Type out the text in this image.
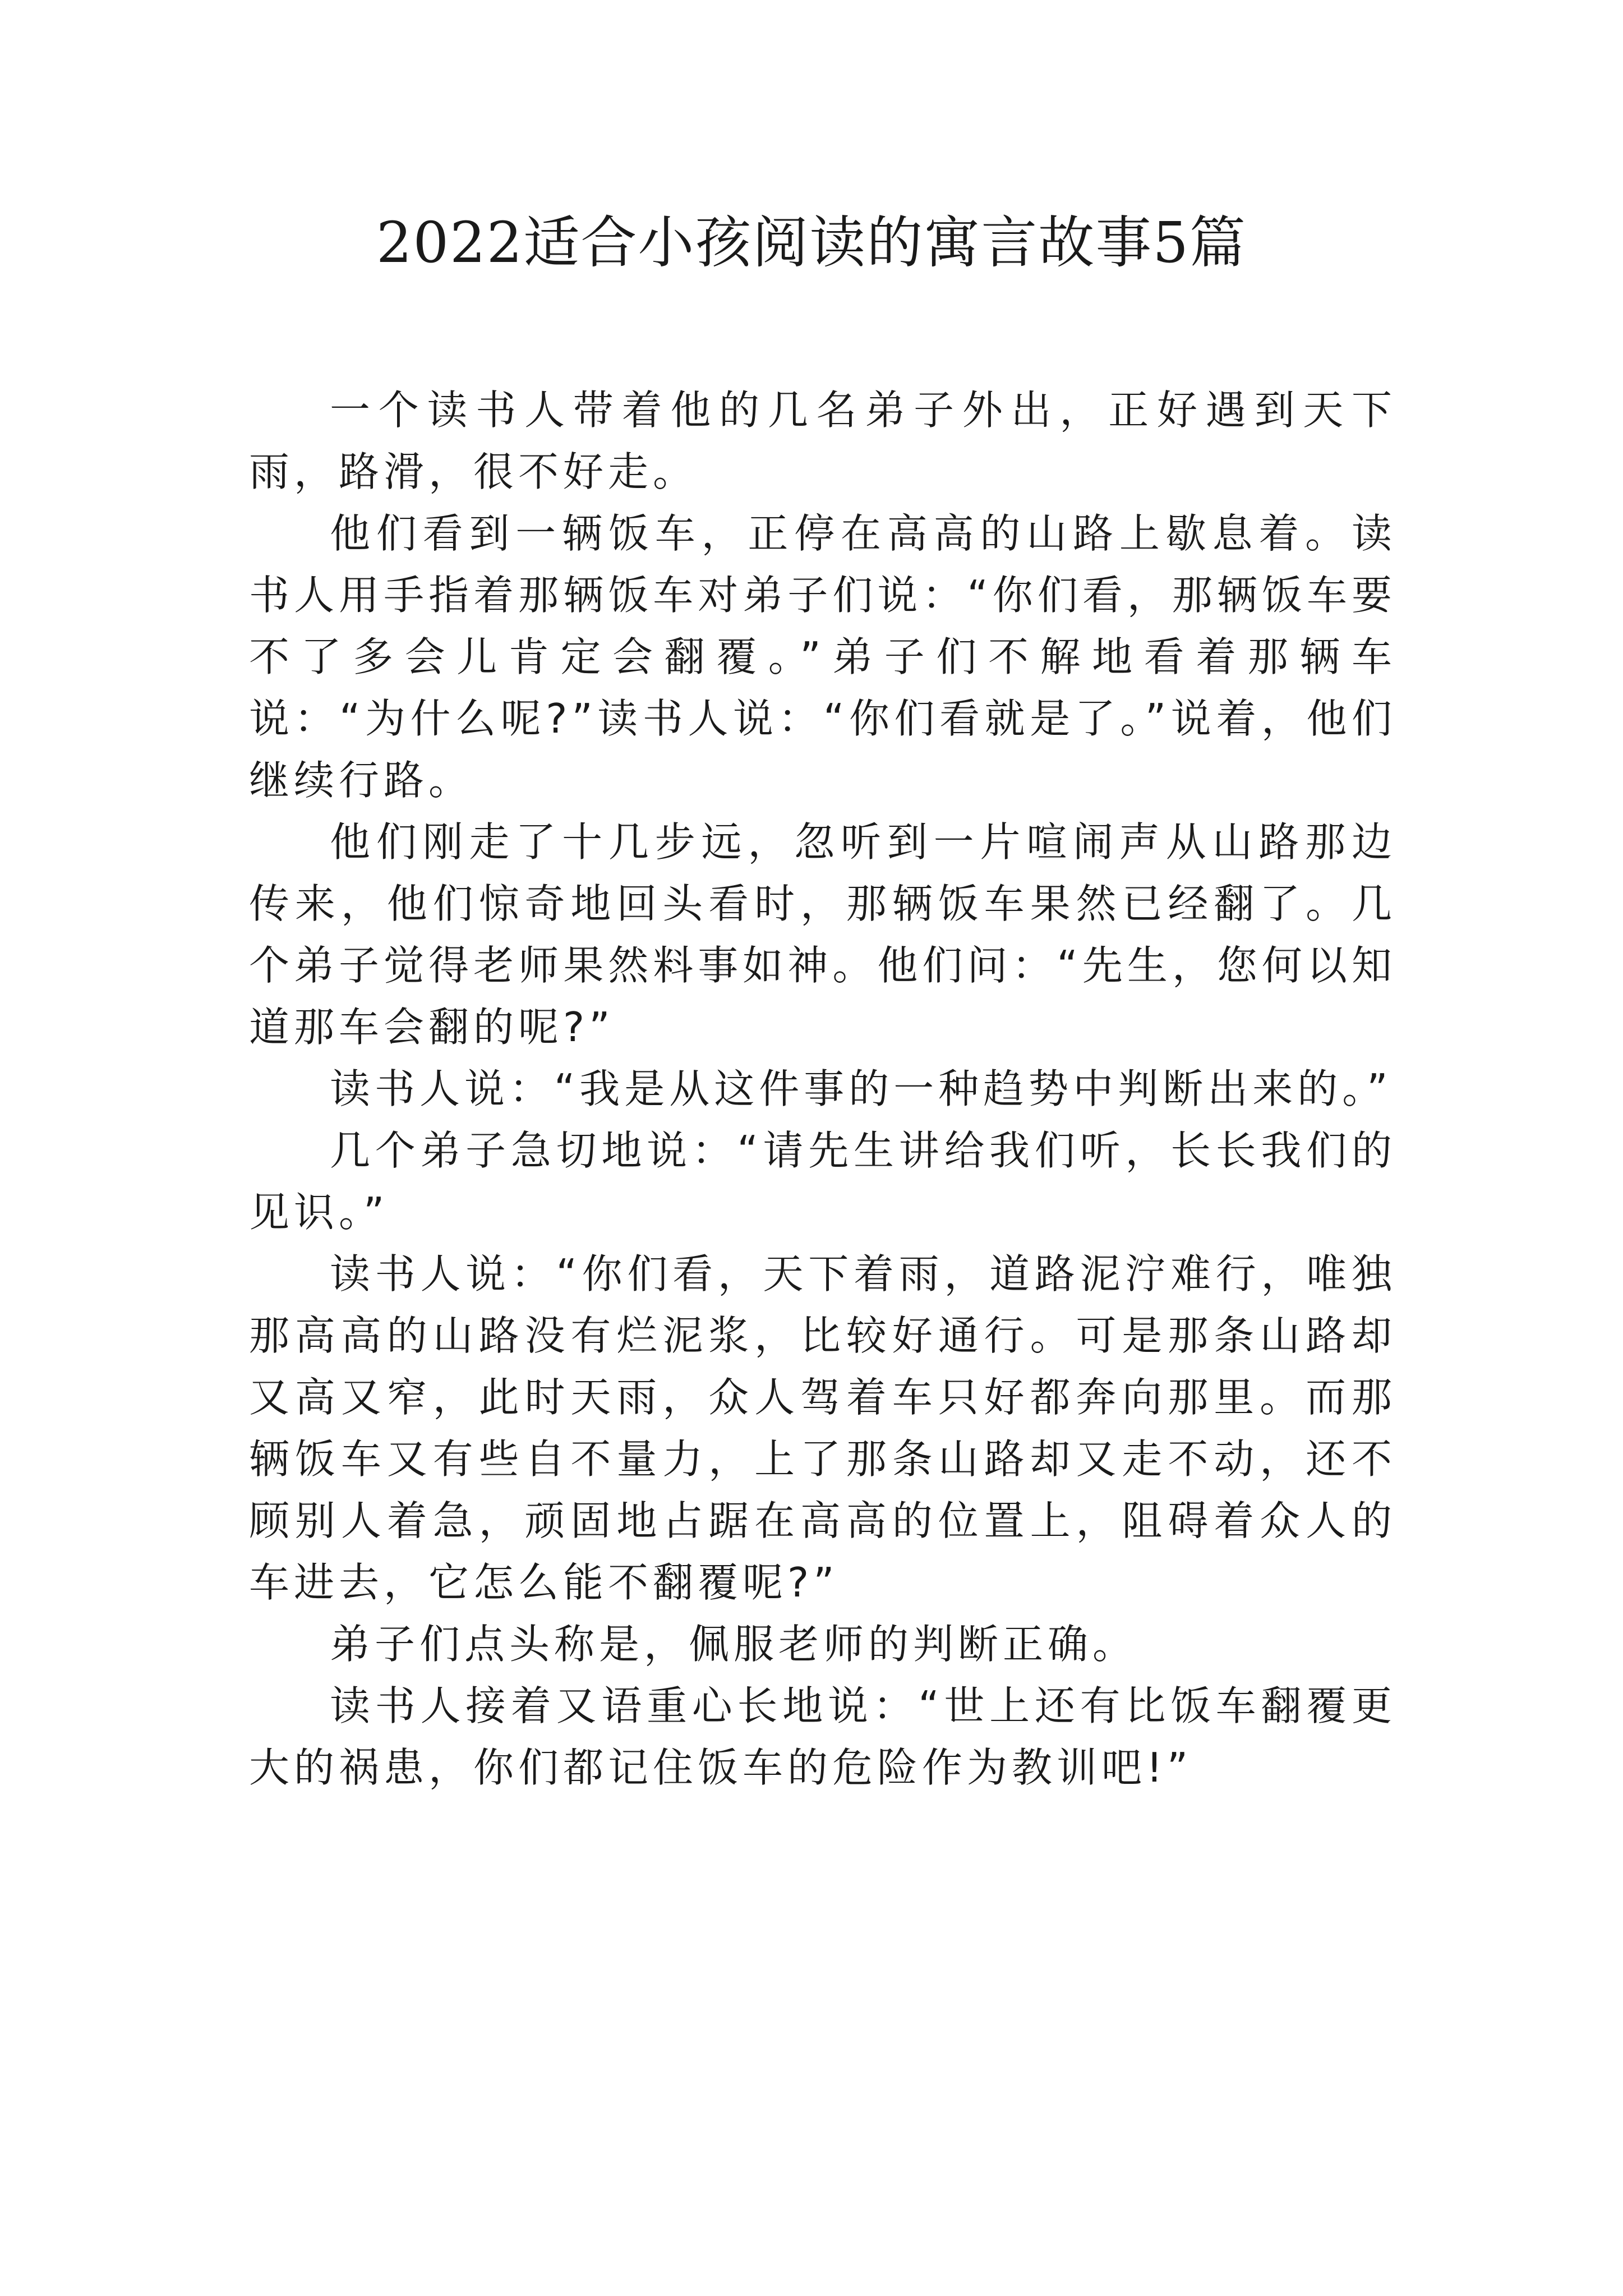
2022适合小孩阅读的寓言故事5篇

一个读书人带着他的几名弟子外出，正好遇到天下雨，路滑，很不好走。

他们看到一辆饭车，正停在高高的山路上歇息着。读书人用手指着那辆饭车对弟子们说：“你们看，那辆饭车要不了多会儿肯定会翻覆。”弟子们不解地看着那辆车说：“为什么呢?”读书人说：“你们看就是了。”说着，他们继续行路。

他们刚走了十几步远，忽听到一片喧闹声从山路那边传来，他们惊奇地回头看时，那辆饭车果然已经翻了。几个弟子觉得老师果然料事如神。他们问：“先生，您何以知道那车会翻的呢?”

读书人说：“我是从这件事的一种趋势中判断出来的。”

几个弟子急切地说：“请先生讲给我们听，长长我们的见识。”

读书人说：“你们看，天下着雨，道路泥泞难行，唯独那高高的山路没有烂泥浆，比较好通行。可是那条山路却又高又窄，此时天雨，众人驾着车只好都奔向那里。而那辆饭车又有些自不量力，上了那条山路却又走不动，还不顾别人着急，顽固地占踞在高高的位置上，阻碍着众人的车进去，它怎么能不翻覆呢?”

弟子们点头称是，佩服老师的判断正确。

读书人接着又语重心长地说：“世上还有比饭车翻覆更大的祸患，你们都记住饭车的危险作为教训吧!”
